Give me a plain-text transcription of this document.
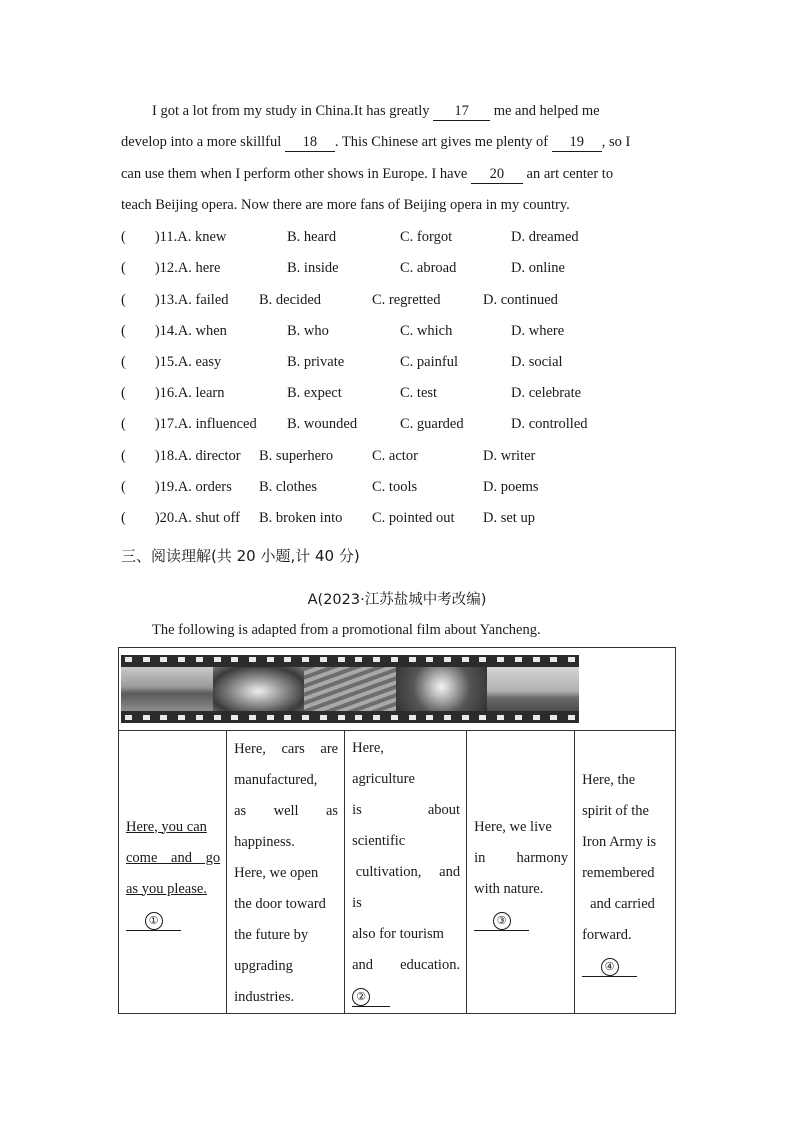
I got a lot from my study in China.It has greatly 17 me and helped me
develop into a more skillful 18 . This Chinese art gives me plenty of 19 , so I
can use them when I perform other shows in Europe. I have 20 an art center to
teach Beijing opera. Now there are more fans of Beijing opera in my country.
(　　)11.A. knew	B. heard	C. forgot	D. dreamed
(　　)12.A. here	B. inside	C. abroad	D. online
(　　)13.A. failed B. decided	C. regretted	D. continued
(　　)14.A. when	B. who	C. which	D. where
(　　)15.A. easy	B. private	C. painful	D. social
(　　)16.A. learn	B. expect	C. test	D. celebrate
(　　)17.A. influenced B. wounded	C. guarded	D. controlled
(　　)18.A. director B. superhero	C. actor	D. writer
(　　)19.A. orders B. clothes	C. tools	D. poems
(　　)20.A. shut off B. broken into C. pointed out D. set up
三、阅读理解(共 20 小题,计 40 分)
A(2023·江苏盐城中考改编)
The following is adapted from a promotional film about Yancheng.

Here, you can
come and go
as you please.
①

Here, cars are
manufactured,
as well as
happiness.
Here, we open
the door toward
the future by
upgrading
industries.

Here,
agriculture
is	about
scientific
cultivation, and
is
also for tourism
and education.
②

Here, we live
in harmony
with nature.
③

Here, the
spirit of the
Iron Army is
remembered
and carried
forward.
④
